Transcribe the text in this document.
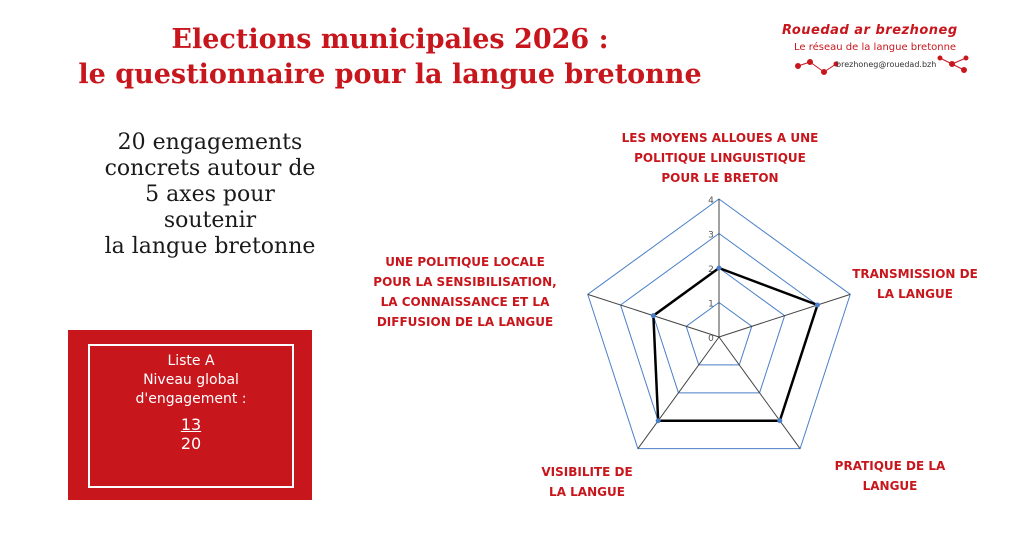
Elections municipales 2026 :
le questionnaire pour la langue bretonne
Rouedad ar brezhoneg
Le réseau de la langue bretonne
brezhoneg@rouedad.bzh
20 engagements
concrets autour de
5 axes pour
soutenir
la langue bretonne
Liste A
Niveau global
d'engagement :
13
20
LES MOYENS ALLOUES A UNE
POLITIQUE LINGUISTIQUE
POUR LE BRETON
TRANSMISSION DE
LA LANGUE
PRATIQUE DE LA
LANGUE
VISIBILITE DE
LA LANGUE
UNE POLITIQUE LOCALE
POUR LA SENSIBILISATION,
LA CONNAISSANCE ET LA
DIFFUSION DE LA LANGUE
0
1
2
3
4
